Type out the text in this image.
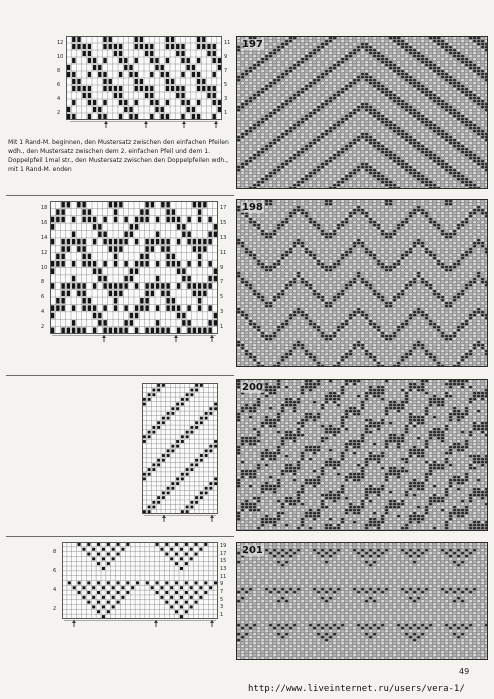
12
10
8
6
4
2
11
9
7
5
3
1

Mit 1 Rand-M. beginnen, den Mustersatz zwischen den einfachen Pfeilen wdh., den Mustersatz zwischen dem 2. einfachen Pfeil und dem 1. Doppelpfeil 1mal str., den Mustersatz zwischen den Doppelpfeilen wdh., mit 1 Rand-M. enden

197
18
16
14
12
10
8
6
4
2
17
15
13
11
9
7
5
3
1
198
200
8
6
4
2
19
17
15
13
11
9
7
5
3
1
201
49
http://www.liveinternet.ru/users/vera-1/
